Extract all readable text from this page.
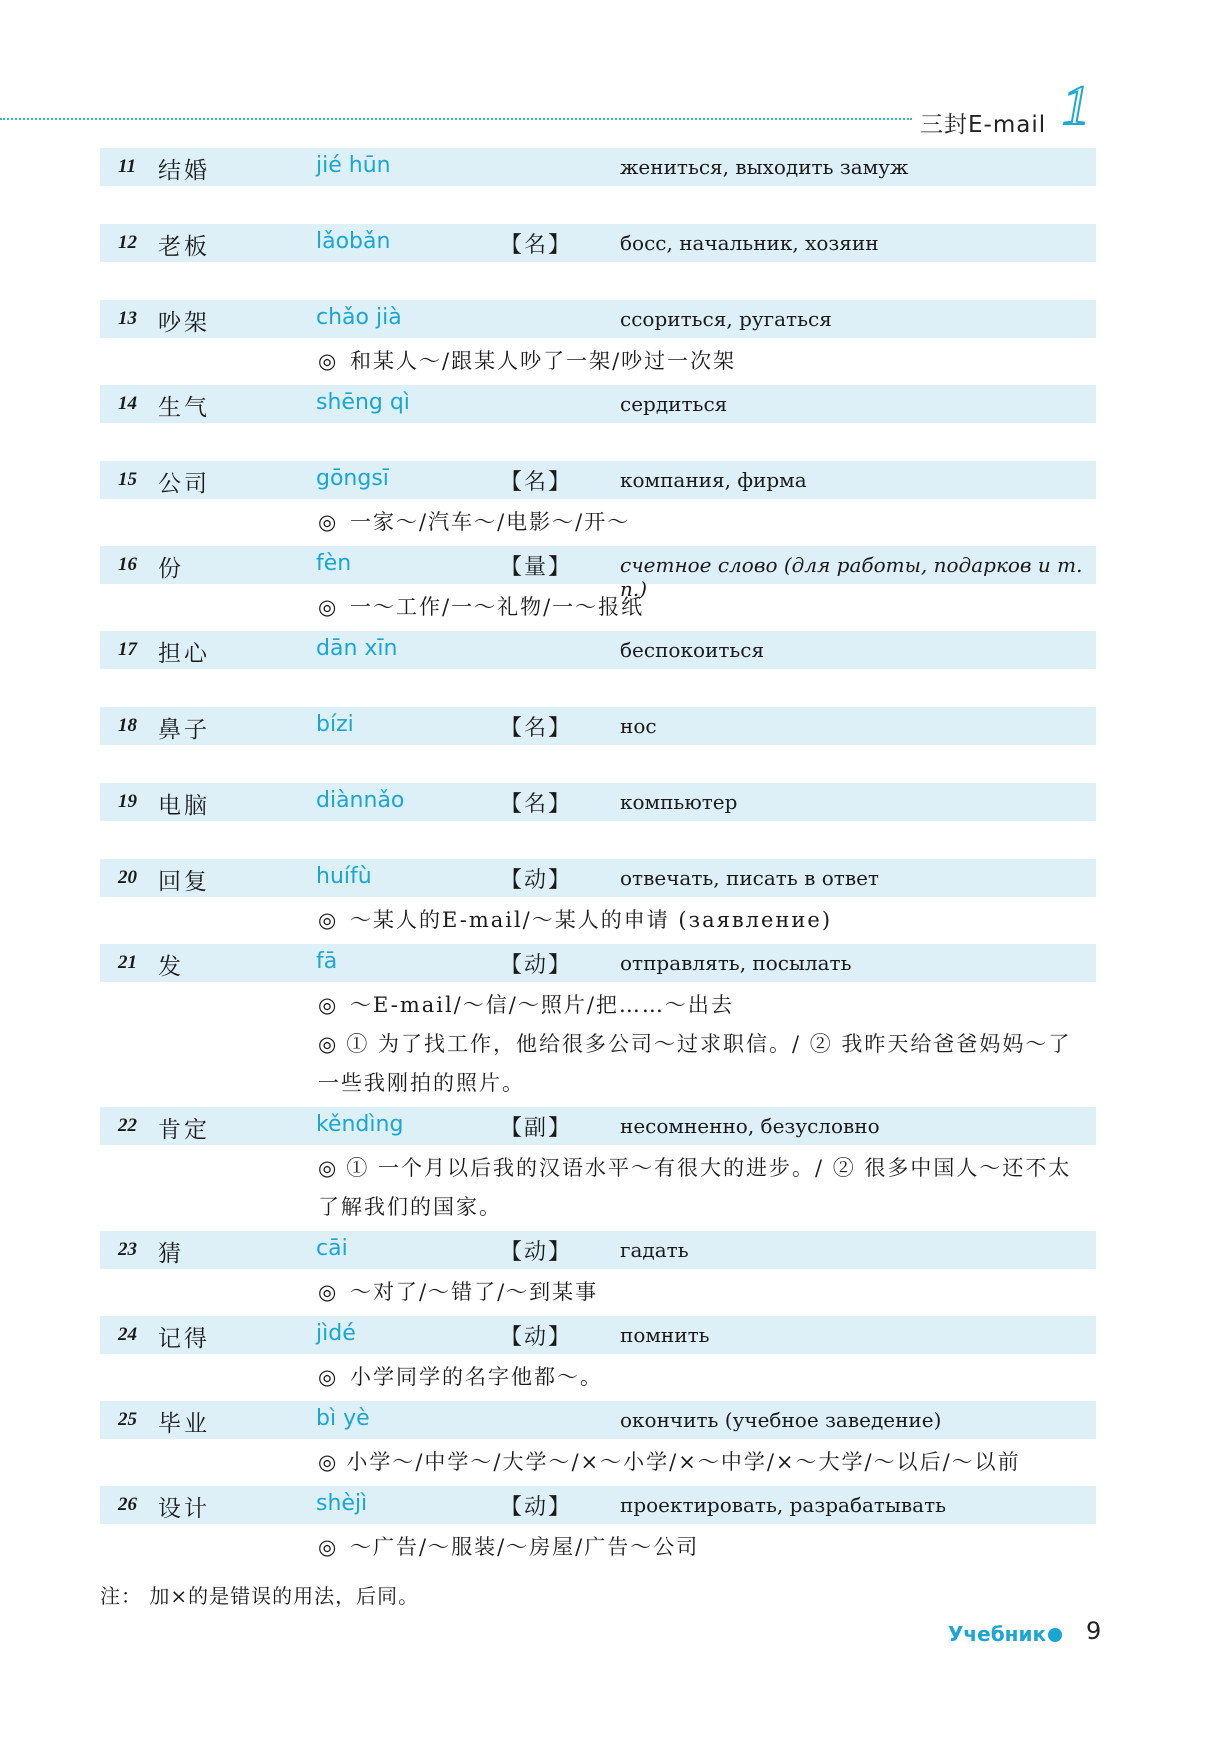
三封E-mail 1
11 结婚	jié hūn	жениться, выходить замуж
12 老板	lǎobǎn	【名】 босс, начальник, хозяин
13 吵架	chǎo jià	ссориться, ругаться
◎ 和某人～/跟某人吵了一架/吵过一次架
14 生气	shēng qì	сердиться
15 公司	gōngsī	【名】 компания, фирма
◎ 一家～/汽车～/电影～/开～
16 份	fèn	【量】 счетное слово (для работы, подарков и т. п.)
◎ 一～工作/一～礼物/一～报纸
17 担心	dān xīn	беспокоиться
18 鼻子	bízi	【名】 нос
19 电脑	diànnǎo	【名】 компьютер
20 回复	huífù	【动】 отвечать, писать в ответ
◎ ～某人的E-mail/～某人的申请 (заявление)
21 发	fā	【动】 отправлять, посылать
◎ ～E-mail/～信/～照片/把……～出去
◎ ① 为了找工作，他给很多公司～过求职信。/ ② 我昨天给爸爸妈妈～了一些我刚拍的照片。
22 肯定	kěndìng	【副】 несомненно, безусловно
◎ ① 一个月以后我的汉语水平～有很大的进步。/ ② 很多中国人～还不太了解我们的国家。
23 猜	cāi	【动】 гадать
◎ ～对了/～错了/～到某事
24 记得	jìdé	【动】 помнить
◎ 小学同学的名字他都～。
25 毕业	bì yè	окончить (учебное заведение)
◎ 小学～/中学～/大学～/×～小学/×～中学/×～大学/～以后/～以前
26 设计	shèjì	【动】 проектировать, разрабатывать
◎ ～广告/～服装/～房屋/广告～公司
注： 加×的是错误的用法，后同。
Учебник 9
